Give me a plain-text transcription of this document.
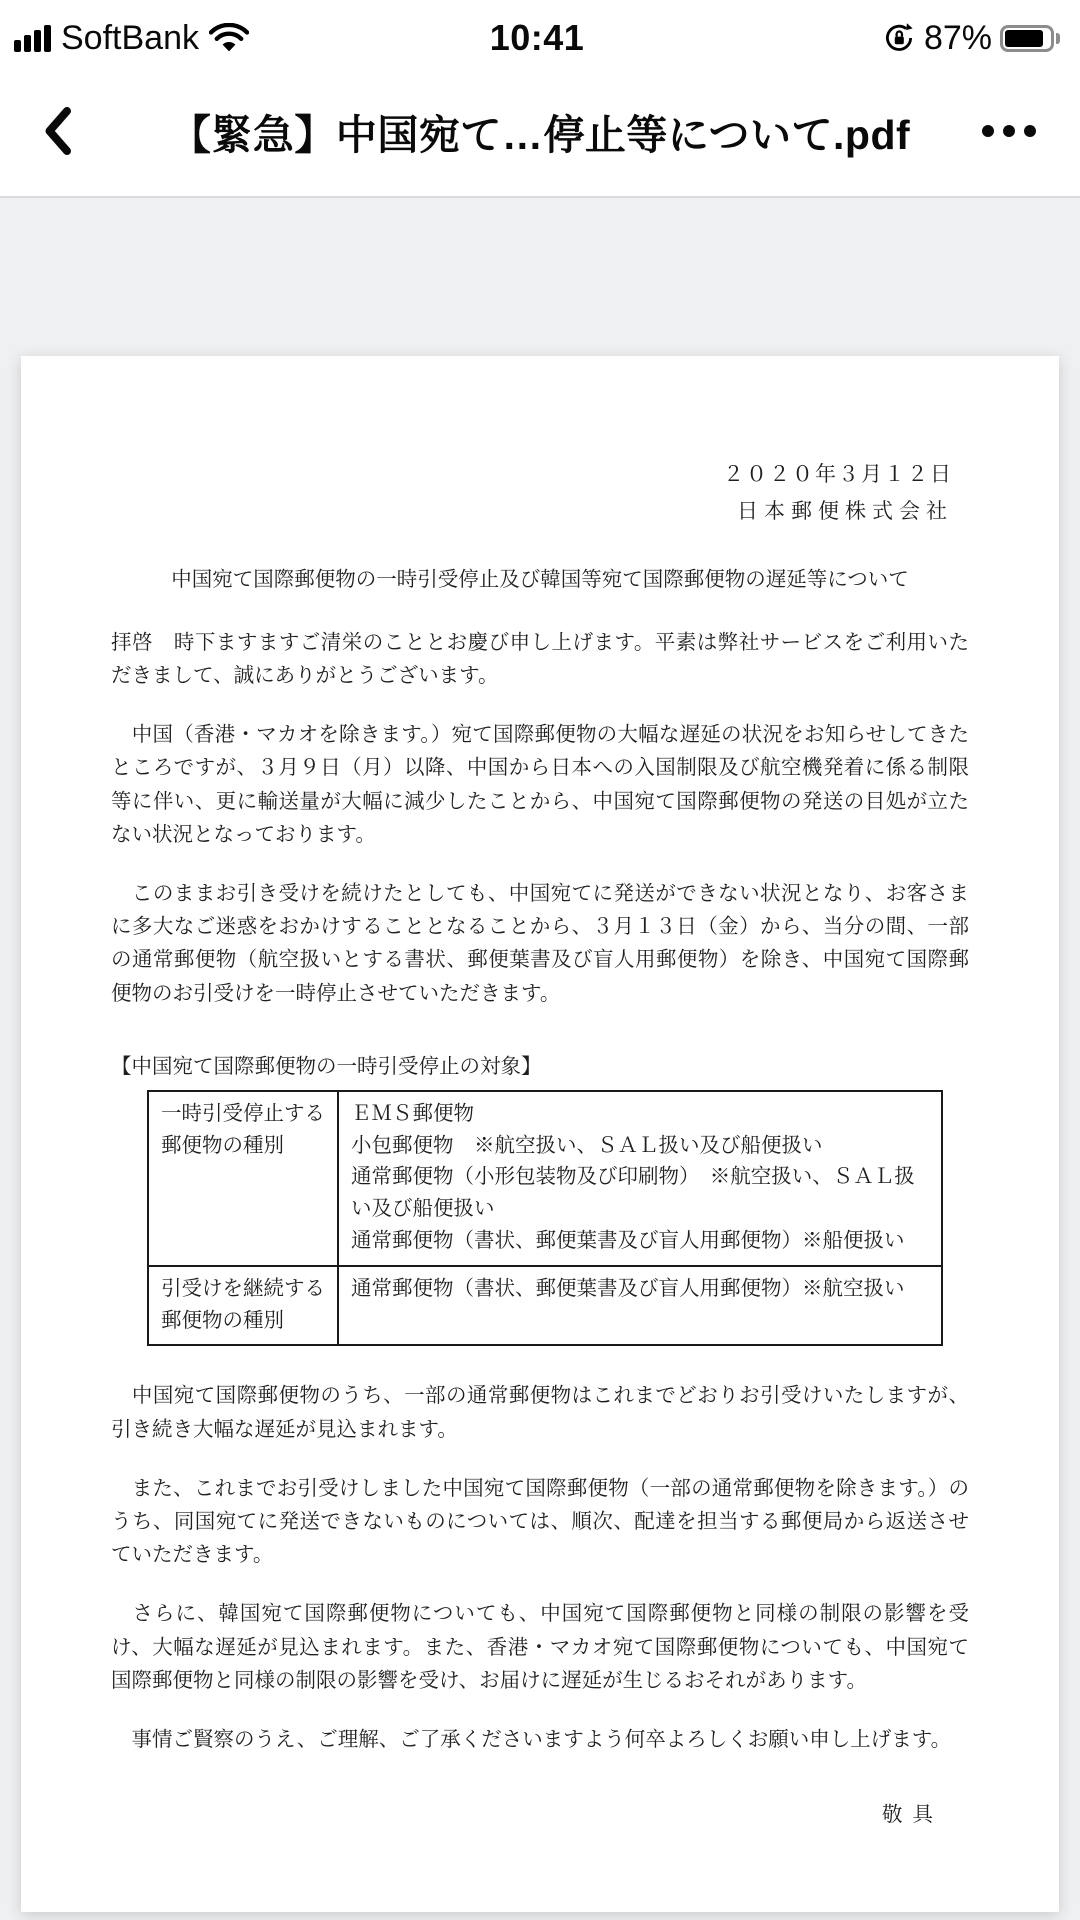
SoftBank	10:41	87%
【緊急】中国宛て…停止等について.pdf
２０２０年３月１２日
日本郵便株式会社
中国宛て国際郵便物の一時引受停止及び韓国等宛て国際郵便物の遅延等について

拝啓　時下ますますご清栄のこととお慶び申し上げます。平素は弊社サービスをご利用いただきまして、誠にありがとうございます。

　中国（香港・マカオを除きます。）宛て国際郵便物の大幅な遅延の状況をお知らせしてきたところですが、３月９日（月）以降、中国から日本への入国制限及び航空機発着に係る制限等に伴い、更に輸送量が大幅に減少したことから、中国宛て国際郵便物の発送の目処が立たない状況となっております。

　このままお引き受けを続けたとしても、中国宛てに発送ができない状況となり、お客さまに多大なご迷惑をおかけすることとなることから、３月１３日（金）から、当分の間、一部の通常郵便物（航空扱いとする書状、郵便葉書及び盲人用郵便物）を除き、中国宛て国際郵便物のお引受けを一時停止させていただきます。

【中国宛て国際郵便物の一時引受停止の対象】
一時引受停止する郵便物の種別	ＥＭＳ郵便物
小包郵便物　※航空扱い、ＳＡＬ扱い及び船便扱い
通常郵便物（小形包装物及び印刷物）　※航空扱い、ＳＡＬ扱い及び船便扱い
通常郵便物（書状、郵便葉書及び盲人用郵便物）※船便扱い

引受けを継続する郵便物の種別	通常郵便物（書状、郵便葉書及び盲人用郵便物）※航空扱い

　中国宛て国際郵便物のうち、一部の通常郵便物はこれまでどおりお引受けいたしますが、引き続き大幅な遅延が見込まれます。

　また、これまでお引受けしました中国宛て国際郵便物（一部の通常郵便物を除きます。）のうち、同国宛てに発送できないものについては、順次、配達を担当する郵便局から返送させていただきます。

　さらに、韓国宛て国際郵便物についても、中国宛て国際郵便物と同様の制限の影響を受け、大幅な遅延が見込まれます。また、香港・マカオ宛て国際郵便物についても、中国宛て国際郵便物と同様の制限の影響を受け、お届けに遅延が生じるおそれがあります。

　事情ご賢察のうえ、ご理解、ご了承くださいますよう何卒よろしくお願い申し上げます。

敬具
